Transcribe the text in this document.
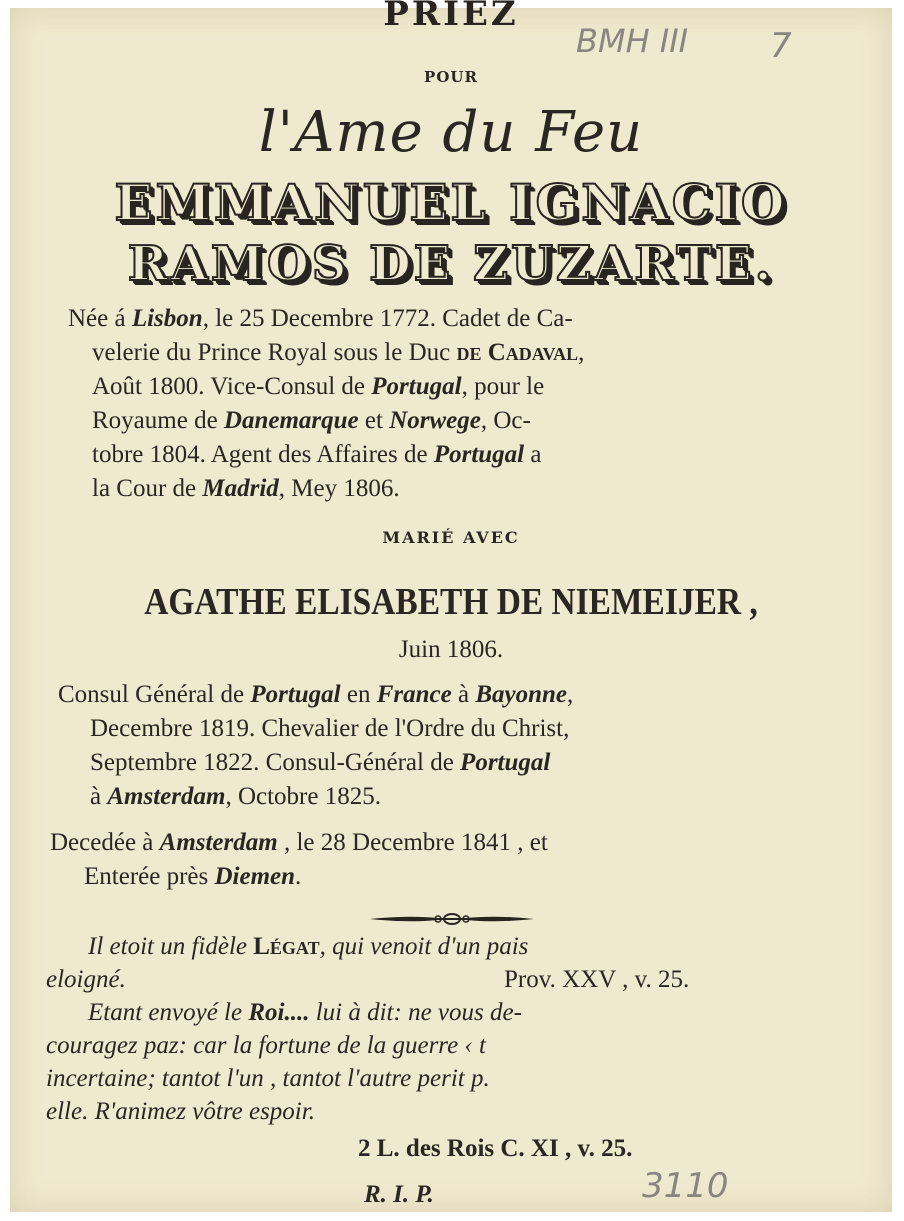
PRIEZ
BMH III 7
POUR
l'Ame du Feu
EMMANUEL IGNACIO
RAMOS DE ZUZARTE.
Née á Lisbon, le 25 Decembre 1772. Cadet de Ca-
velerie du Prince Royal sous le Duc de Cadaval,
Août 1800. Vice-Consul de Portugal, pour le
Royaume de Danemarque et Norwege, Oc-
tobre 1804. Agent des Affaires de Portugal a
la Cour de Madrid, Mey 1806.
MARIÉ AVEC
AGATHE ELISABETH DE NIEMEIJER ,
Juin 1806.
Consul Général de Portugal en France à Bayonne,
Decembre 1819. Chevalier de l'Ordre du Christ,
Septembre 1822. Consul-Général de Portugal
à Amsterdam, Octobre 1825.
Decedée à Amsterdam , le 28 Decembre 1841 , et
Enterée près Diemen.
Il etoit un fidèle Légat, qui venoit d'un pais
eloigné.	Prov. XXV , v. 25.
Etant envoyé le Roi.... lui à dit: ne vous de-
couragez paz: car la fortune de la guerre ‹ t
incertaine; tantot l'un , tantot l'autre perit p.
elle. R'animez vôtre espoir.
2 L. des Rois C. XI , v. 25.
R. I. P.	3110
